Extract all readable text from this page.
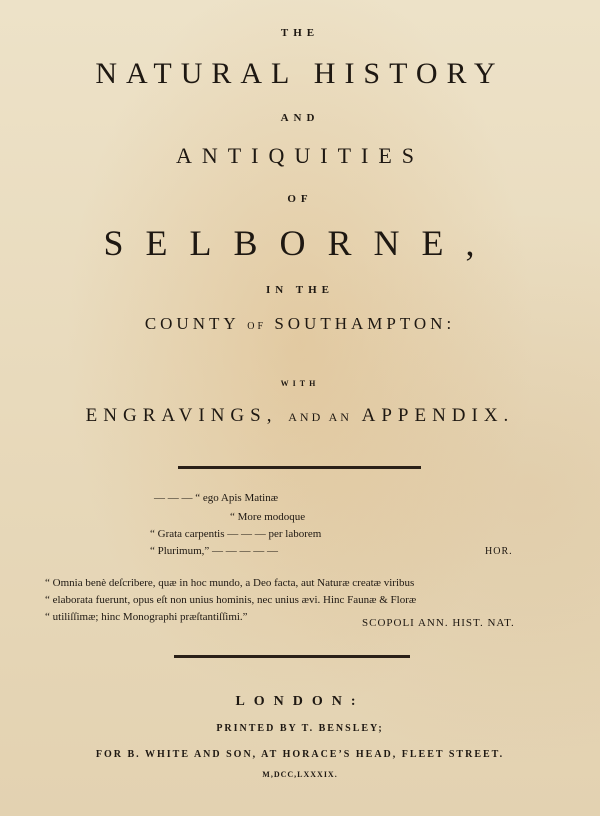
THE
NATURAL HISTORY
AND
ANTIQUITIES
OF
SELBORNE,
IN THE
COUNTY OF SOUTHAMPTON:
WITH
ENGRAVINGS, AND AN APPENDIX.
— — — “ ego Apis Matinæ
“ More modoque
“ Grata carpentis — — — per laborem
“ Plurimum,” — — — — —	HOR.
“ Omnia benè deſcribere, quæ in hoc mundo, a Deo facta, aut Naturæ creatæ viribus
“ elaborata fuerunt, opus eſt non unius hominis, nec unius ævi. Hinc Faunæ & Floræ
“ utiliſſimæ; hinc Monographi præſtantiſſimi.”	SCOPOLI ANN. HIST. NAT.
LONDON:
PRINTED BY T. BENSLEY;
FOR B. WHITE AND SON, AT HORACE’S HEAD, FLEET STREET.
M,DCC,LXXXIX.
